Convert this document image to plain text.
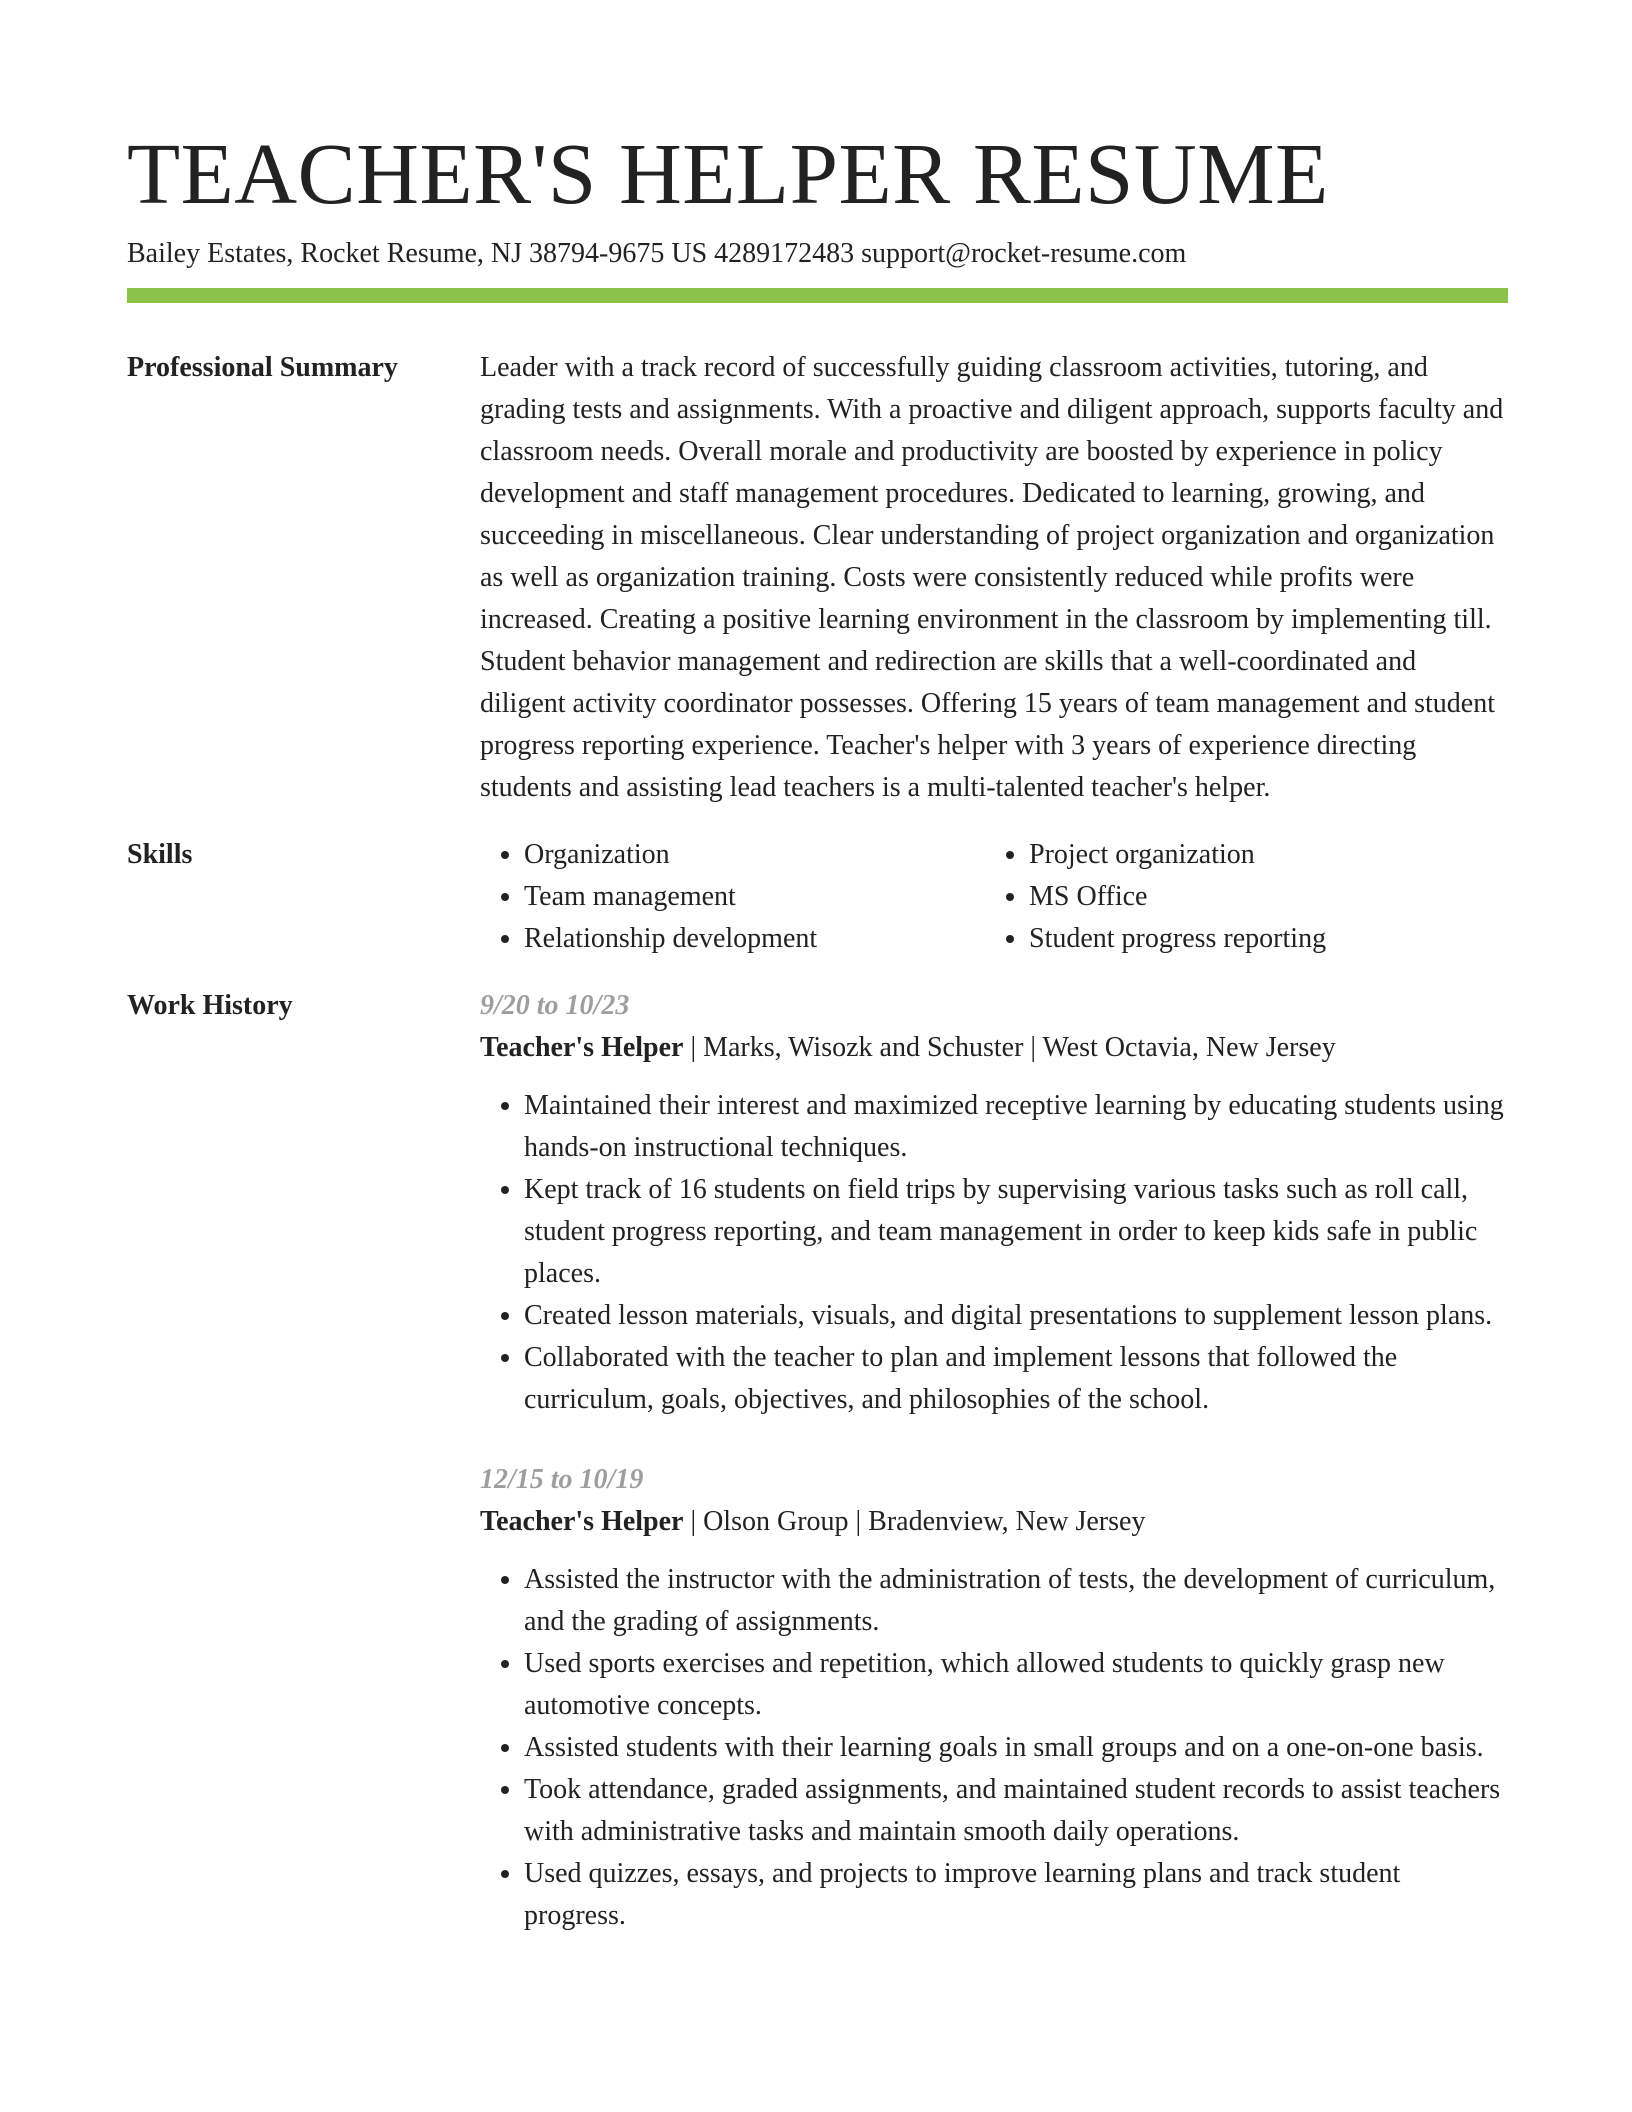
TEACHER'S HELPER RESUME
Bailey Estates, Rocket Resume, NJ 38794-9675 US 4289172483 support@rocket-resume.com
Professional Summary	Leader with a track record of successfully guiding classroom activities, tutoring, and grading tests and assignments. With a proactive and diligent approach, supports faculty and classroom needs. Overall morale and productivity are boosted by experience in policy development and staff management procedures. Dedicated to learning, growing, and succeeding in miscellaneous. Clear understanding of project organization and organization as well as organization training. Costs were consistently reduced while profits were increased. Creating a positive learning environment in the classroom by implementing till. Student behavior management and redirection are skills that a well-coordinated and diligent activity coordinator possesses. Offering 15 years of team management and student progress reporting experience. Teacher's helper with 3 years of experience directing students and assisting lead teachers is a multi-talented teacher's helper.

Skills
•	Organization
• Team management
• Relationship development
• Project organization
• MS Office
• Student progress reporting
Work History	9/20 to 10/23
Teacher's Helper | Marks, Wisozk and Schuster | West Octavia, New Jersey
• Maintained their interest and maximized receptive learning by educating students using hands-on instructional techniques.
• Kept track of 16 students on field trips by supervising various tasks such as roll call, student progress reporting, and team management in order to keep kids safe in public places.
• Created lesson materials, visuals, and digital presentations to supplement lesson plans.
• Collaborated with the teacher to plan and implement lessons that followed the curriculum, goals, objectives, and philosophies of the school.
12/15 to 10/19
Teacher's Helper | Olson Group | Bradenview, New Jersey
• Assisted the instructor with the administration of tests, the development of curriculum, and the grading of assignments.
• Used sports exercises and repetition, which allowed students to quickly grasp new automotive concepts.
• Assisted students with their learning goals in small groups and on a one-on-one basis.
• Took attendance, graded assignments, and maintained student records to assist teachers with administrative tasks and maintain smooth daily operations.
• Used quizzes, essays, and projects to improve learning plans and track student progress.
